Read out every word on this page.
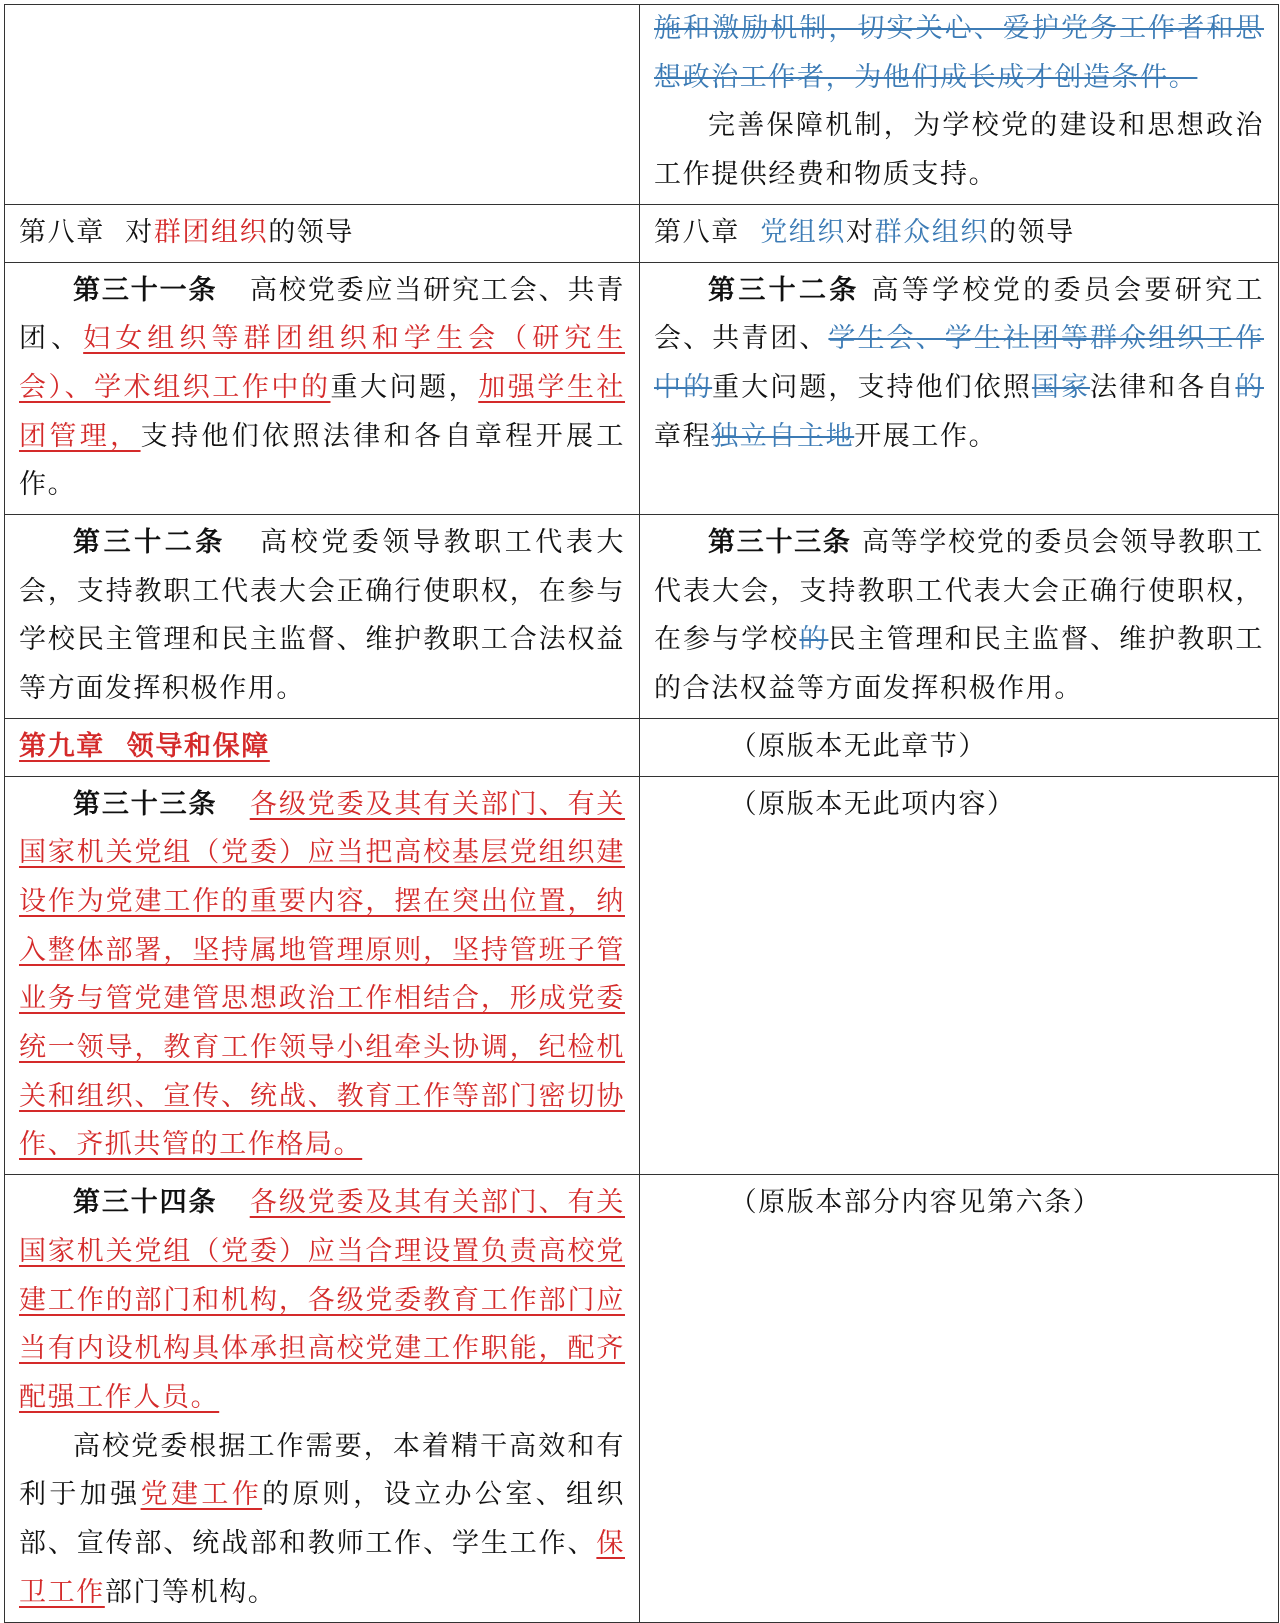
	施和激励机制，切实关心、爱护党务工作者和思想政治工作者，为他们成长成才创造条件。

完善保障机制，为学校党的建设和思想政治工作提供经费和物质支持。

第八章 对群团组织的领导	第八章 党组织对群众组织的领导

第三十一条 高校党委应当研究工会、共青团、妇女组织等群团组织和学生会（研究生会）、学术组织工作中的重大问题，加强学生社团管理，支持他们依照法律和各自章程开展工作。	第三十二条 高等学校党的委员会要研究工会、共青团、学生会、学生社团等群众组织工作中的重大问题，支持他们依照国家法律和各自的章程独立自主地开展工作。

第三十二条 高校党委领导教职工代表大会，支持教职工代表大会正确行使职权，在参与学校民主管理和民主监督、维护教职工合法权益等方面发挥积极作用。	第三十三条 高等学校党的委员会领导教职工代表大会，支持教职工代表大会正确行使职权，在参与学校的民主管理和民主监督、维护教职工的合法权益等方面发挥积极作用。

第九章  领导和保障	（原版本无此章节）

第三十三条 各级党委及其有关部门、有关国家机关党组（党委）应当把高校基层党组织建设作为党建工作的重要内容，摆在突出位置，纳入整体部署，坚持属地管理原则，坚持管班子管业务与管党建管思想政治工作相结合，形成党委统一领导，教育工作领导小组牵头协调，纪检机关和组织、宣传、统战、教育工作等部门密切协作、齐抓共管的工作格局。	（原版本无此项内容）

第三十四条 各级党委及其有关部门、有关国家机关党组（党委）应当合理设置负责高校党建工作的部门和机构，各级党委教育工作部门应当有内设机构具体承担高校党建工作职能，配齐配强工作人员。

高校党委根据工作需要，本着精干高效和有利于加强党建工作的原则，设立办公室、组织部、宣传部、统战部和教师工作、学生工作、保卫工作部门等机构。	（原版本部分内容见第六条）
